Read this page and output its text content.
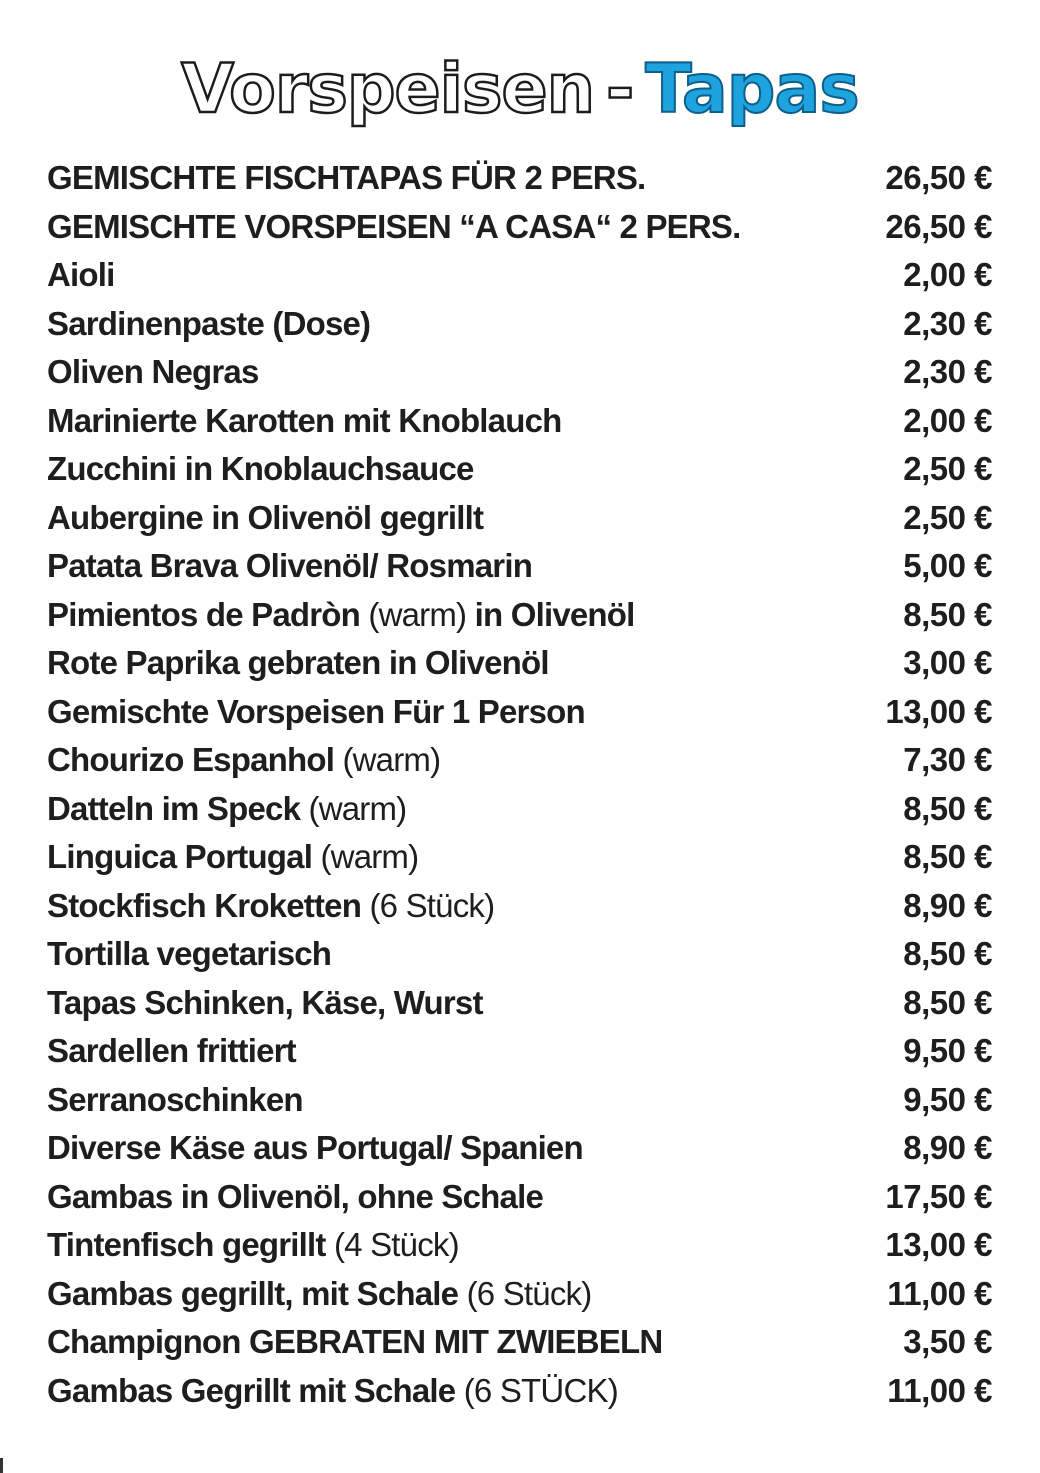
Vorspeisen - Tapas
GEMISCHTE FISCHTAPAS FÜR 2 PERS.	26,50 €
GEMISCHTE VORSPEISEN “A CASA“ 2 PERS.	26,50 €
Aioli	2,00 €
Sardinenpaste (Dose)	2,30 €
Oliven Negras	2,30 €
Marinierte Karotten mit Knoblauch	2,00 €
Zucchini in Knoblauchsauce	2,50 €
Aubergine in Olivenöl gegrillt	2,50 €
Patata Brava Olivenöl/ Rosmarin	5,00 €
Pimientos de Padròn (warm) in Olivenöl	8,50 €
Rote Paprika gebraten in Olivenöl	3,00 €
Gemischte Vorspeisen Für 1 Person	13,00 €
Chourizo Espanhol (warm)	7,30 €
Datteln im Speck (warm)	8,50 €
Linguica Portugal (warm)	8,50 €
Stockfisch Kroketten (6 Stück)	8,90 €
Tortilla vegetarisch	8,50 €
Tapas Schinken, Käse, Wurst	8,50 €
Sardellen frittiert	9,50 €
Serranoschinken	9,50 €
Diverse Käse aus Portugal/ Spanien	8,90 €
Gambas in Olivenöl, ohne Schale	17,50 €
Tintenfisch gegrillt (4 Stück)	13,00 €
Gambas gegrillt, mit Schale (6 Stück)	11,00 €
Champignon GEBRATEN MIT ZWIEBELN	3,50 €
Gambas Gegrillt mit Schale (6 STÜCK)	11,00 €
